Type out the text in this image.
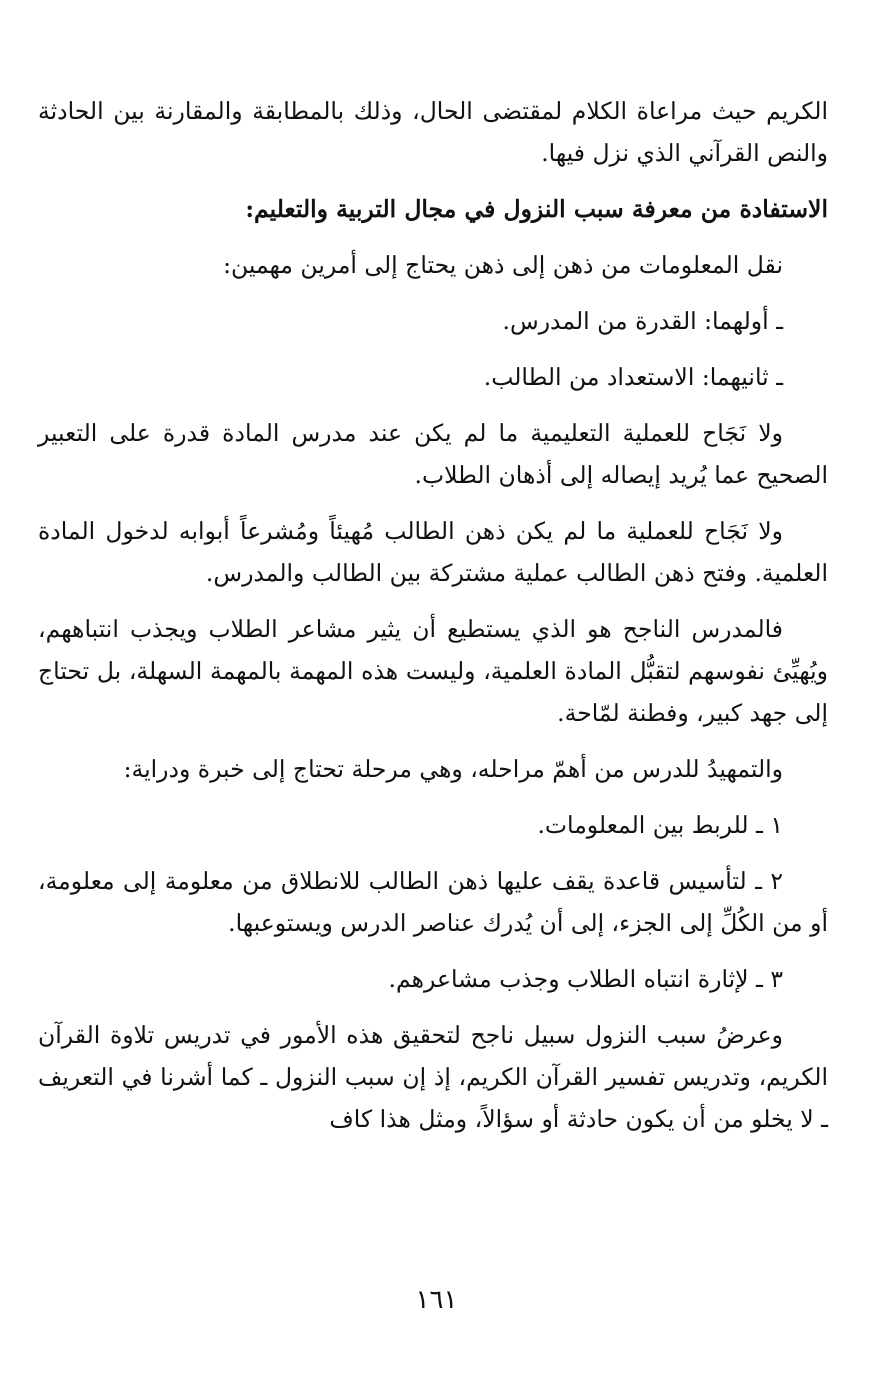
الكريم حيث مراعاة الكلام لمقتضى الحال، وذلك بالمطابقة والمقارنة بين الحادثة والنص القرآني الذي نزل فيها.

الاستفادة من معرفة سبب النزول في مجال التربية والتعليم:

نقل المعلومات من ذهن إلى ذهن يحتاج إلى أمرين مهمين:

ـ أولهما: القدرة من المدرس.

ـ ثانيهما: الاستعداد من الطالب.

ولا نَجَاح للعملية التعليمية ما لم يكن عند مدرس المادة قدرة على التعبير الصحيح عما يُريد إيصاله إلى أذهان الطلاب.

ولا نَجَاح للعملية ما لم يكن ذهن الطالب مُهيئاً ومُشرعاً أبوابه لدخول المادة العلمية. وفتح ذهن الطالب عملية مشتركة بين الطالب والمدرس.

فالمدرس الناجح هو الذي يستطيع أن يثير مشاعر الطلاب ويجذب انتباههم، ويُهيِّئ نفوسهم لتقبُّل المادة العلمية، وليست هذه المهمة بالمهمة السهلة، بل تحتاج إلى جهد كبير، وفطنة لمّاحة.

والتمهيدُ للدرس من أهمّ مراحله، وهي مرحلة تحتاج إلى خبرة ودراية:

١ ـ للربط بين المعلومات.

٢ ـ لتأسيس قاعدة يقف عليها ذهن الطالب للانطلاق من معلومة إلى معلومة، أو من الكُلِّ إلى الجزء، إلى أن يُدرك عناصر الدرس ويستوعبها.

٣ ـ لإثارة انتباه الطلاب وجذب مشاعرهم.

وعرضُ سبب النزول سبيل ناجح لتحقيق هذه الأمور في تدريس تلاوة القرآن الكريم، وتدريس تفسير القرآن الكريم، إذ إن سبب النزول ـ كما أشرنا في التعريف ـ لا يخلو من أن يكون حادثة أو سؤالاً، ومثل هذا كاف

١٦١
